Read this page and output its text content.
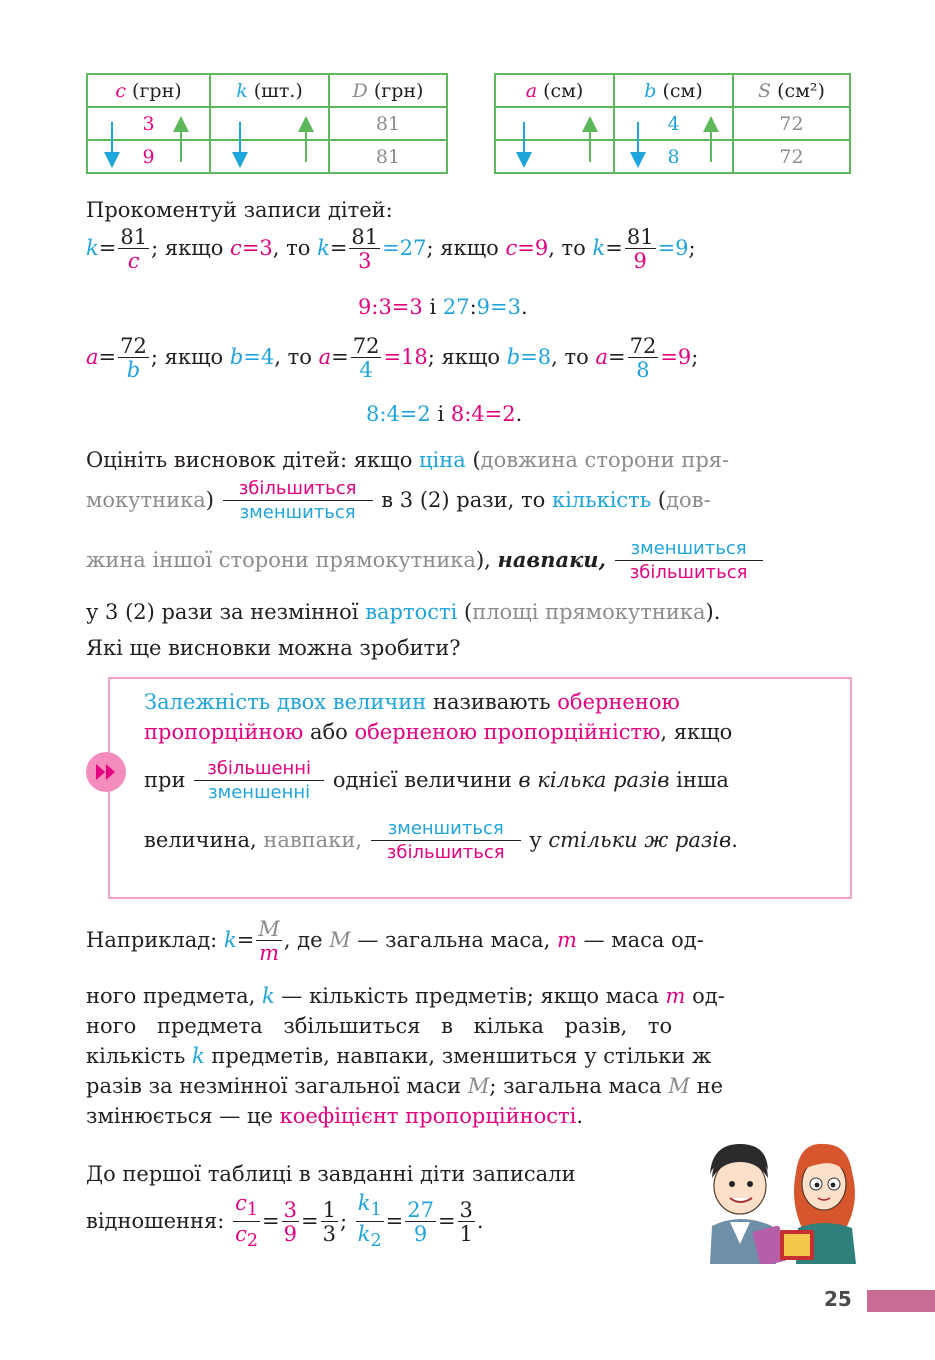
c (грн)	k (шт.)	D (грн)
3		81
9		81
a (см)	b (см)	S (см²)
	4	72
	8	72
Прокоментуй записи дітей:
$k= \frac{81}{c}$ ; якщо c=3, то $k= \frac{81}{3} =27$; якщо c=9, то $k= \frac{81}{9} =9$;
9:3=3 і 27:9=3.
$a= \frac{72}{b}$ ; якщо b=4, то $a= \frac{72}{4} =18$; якщо b=8, то $a= \frac{72}{8} =9$;
8:4=2 і 8:4=2.
Оцініть висновок дітей: якщо ціна (довжина сторони пря-
мокутника) $\frac{\text{збільшиться}}{\text{зменшиться}}$ в 3 (2) рази, то кількість (дов-
жина іншої сторони прямокутника), навпаки, $\frac{\text{зменшиться}}{\text{збільшиться}}$
у 3 (2) рази за незмінної вартості (площі прямокутника).
Які ще висновки можна зробити?
Залежність двох величин називають оберненою
пропорційною або оберненою пропорційністю, якщо
при $\frac{\text{збільшенні}}{\text{зменшенні}}$ однієї величини в кілька разів інша
величина, навпаки, $\frac{\text{зменшиться}}{\text{збільшиться}}$ у стільки ж разів.
Наприклад: $k= \frac{M}{m}$ , де M — загальна маса, m — маса од-
ного предмета, k — кількість предметів; якщо маса m од-
ного предмета збільшиться в кілька разів, то
кількість k предметів, навпаки, зменшиться у стільки ж
разів за незмінної загальної маси M; загальна маса M не
змінюється — це коефіцієнт пропорційності.
До першої таблиці в завданні діти записали
відношення: $\frac{c_1}{c_2} = \frac{3}{9} = \frac{1}{3}$ ; $\frac{k_1}{k_2} = \frac{27}{9} = \frac{3}{1}$ .
25
